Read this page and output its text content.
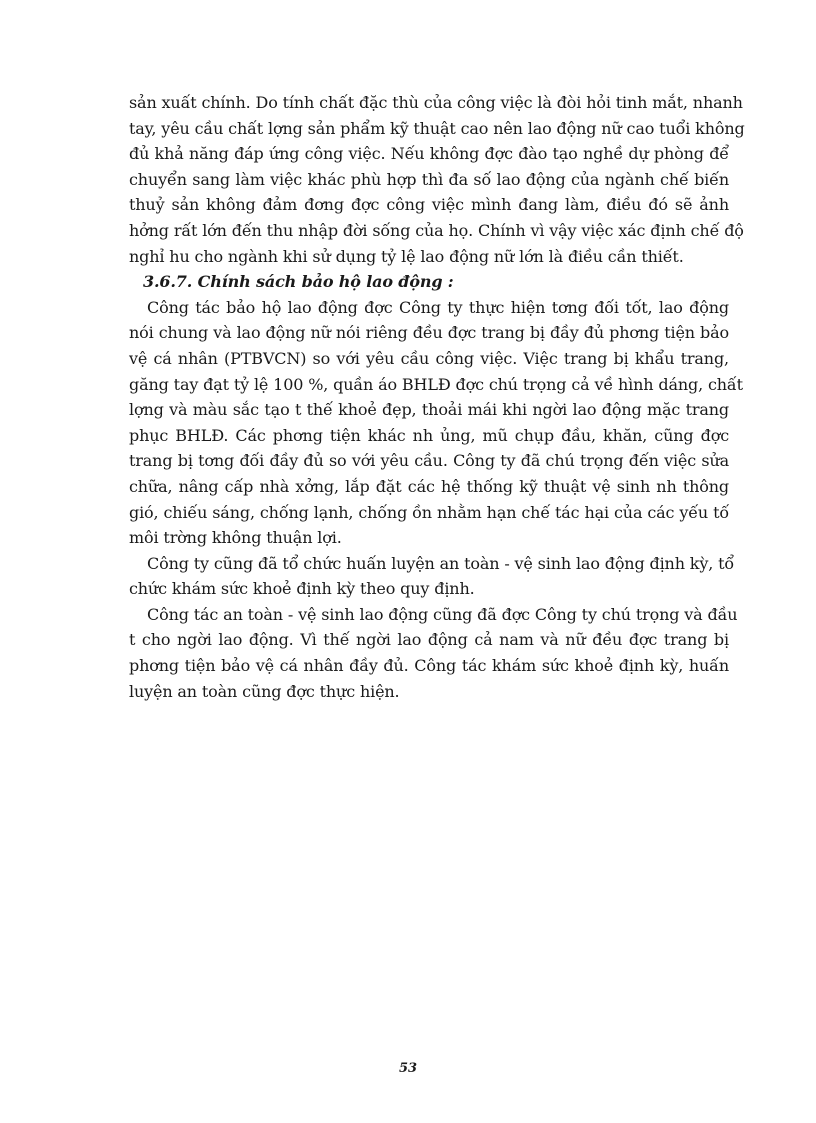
sản xuất chính. Do tính chất đặc thù của công việc là đòi hỏi tinh mắt, nhanh
tay, yêu cầu chất lợng sản phẩm kỹ thuật cao nên lao động nữ cao tuổi không
đủ khả năng đáp ứng công việc. Nếu không đợc đào tạo nghề dự phòng để
chuyển sang làm việc khác phù hợp thì đa số lao động của ngành chế biến
thuỷ sản không đảm đơng đợc công việc mình đang làm, điều đó sẽ ảnh
hởng rất lớn đến thu nhập đời sống của họ. Chính vì vậy việc xác định chế độ
nghỉ hu cho ngành khi sử dụng tỷ lệ lao động nữ lớn là điều cần thiết.
3.6.7. Chính sách bảo hộ lao động :
Công tác bảo hộ lao động đợc Công ty thực hiện tơng đối tốt, lao động
nói chung và lao động nữ nói riêng đều đợc trang bị đầy đủ phơng tiện bảo
vệ cá nhân (PTBVCN) so với yêu cầu công việc. Việc trang bị khẩu trang,
găng tay đạt tỷ lệ 100 %, quần áo BHLĐ đợc chú trọng cả về hình dáng, chất
lợng và màu sắc tạo t thế khoẻ đẹp, thoải mái khi ngời lao động mặc trang
phục BHLĐ. Các phơng tiện khác nh ủng, mũ chụp đầu, khăn, cũng đợc
trang bị tơng đối đầy đủ so với yêu cầu. Công ty đã chú trọng đến việc sửa
chữa, nâng cấp nhà xởng, lắp đặt các hệ thống kỹ thuật vệ sinh nh thông
gió, chiếu sáng, chống lạnh, chống ồn nhằm hạn chế tác hại của các yếu tố
môi trờng không thuận lợi.
Công ty cũng đã tổ chức huấn luyện an toàn - vệ sinh lao động định kỳ, tổ
chức khám sức khoẻ định kỳ theo quy định.
Công tác an toàn - vệ sinh lao động cũng đã đợc Công ty chú trọng và đầu
t cho ngời lao động. Vì thế ngời lao động cả nam và nữ đều đợc trang bị
phơng tiện bảo vệ cá nhân đầy đủ. Công tác khám sức khoẻ định kỳ, huấn
luyện an toàn cũng đợc thực hiện.
53
